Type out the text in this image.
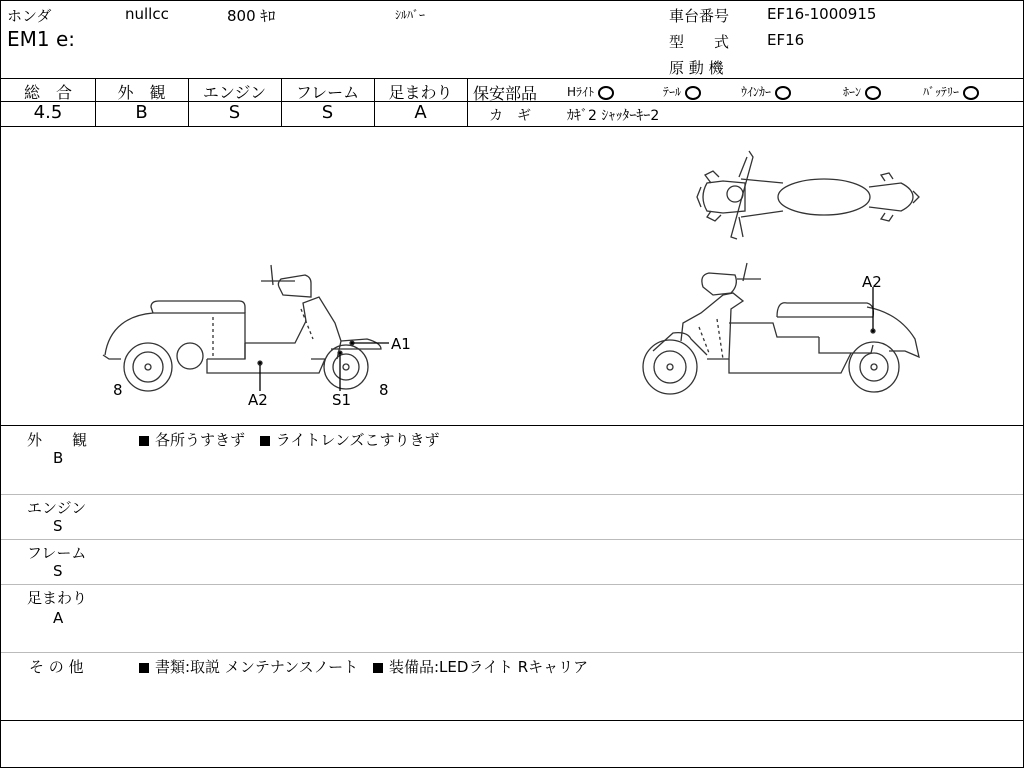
ホンダ	nullcc	800 ｷﾛ	ｼﾙﾊﾞｰ
EM1 e:
車台番号	EF16-1000915
型　　式	EF16
原 動 機
総　合	外　観	エンジン	フレーム	足まわり
4.5	B	S	S	A
保安部品 Hﾗｲﾄ	ﾃｰﾙ	ｳｲﾝｶｰ	ﾎｰﾝ	ﾊﾞｯﾃﾘｰ
カ　ギ	ｶｷﾞ2 ｼｬｯﾀｰｷｰ2
A1
A2	S1
8	8
A2
外　　観
B
各所うすきず ライトレンズこすりきず
エンジン
S
フレーム
S
足まわり
A
そ の 他	書類:取説 メンテナンスノート 装備品:LEDライト Rキャリア
